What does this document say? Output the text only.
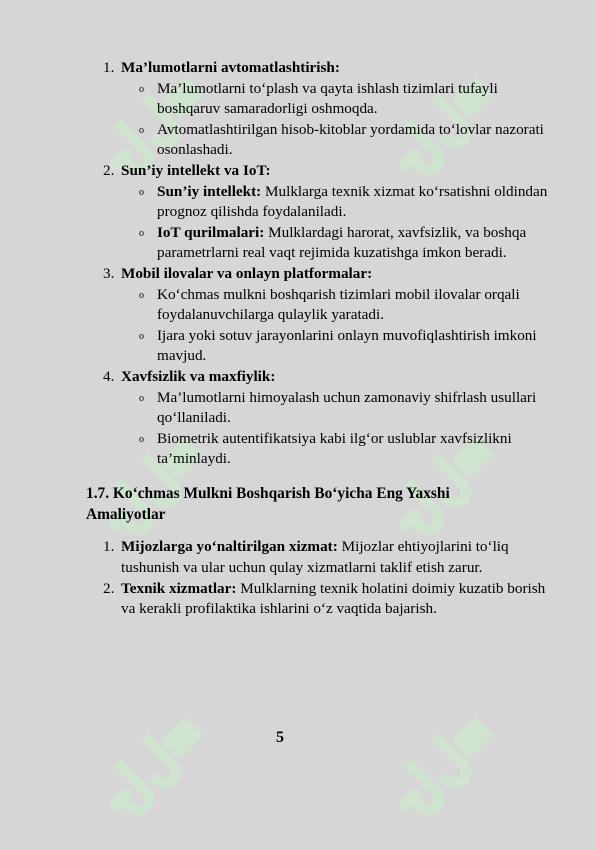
1. Ma’lumotlarni avtomatlashtirish:
o Ma’lumotlarni to‘plash va qayta ishlash tizimlari tufayli boshqaruv samaradorligi oshmoqda.
o Avtomatlashtirilgan hisob-kitoblar yordamida to‘lovlar nazorati osonlashadi.
2. Sun’iy intellekt va IoT:
o Sun’iy intellekt: Mulklarga texnik xizmat ko‘rsatishni oldindan prognoz qilishda foydalaniladi.
o IoT qurilmalari: Mulklardagi harorat, xavfsizlik, va boshqa parametrlarni real vaqt rejimida kuzatishga imkon beradi.
3. Mobil ilovalar va onlayn platformalar:
o Ko‘chmas mulkni boshqarish tizimlari mobil ilovalar orqali foydalanuvchilarga qulaylik yaratadi.
o Ijara yoki sotuv jarayonlarini onlayn muvofiqlashtirish imkoni mavjud.
4. Xavfsizlik va maxfiylik:
o Ma’lumotlarni himoyalash uchun zamonaviy shifrlash usullari qo‘llaniladi.
o Biometrik autentifikatsiya kabi ilg‘or uslublar xavfsizlikni ta’minlaydi.
1.7. Ko‘chmas Mulkni Boshqarish Bo‘yicha Eng Yaxshi Amaliyotlar
1. Mijozlarga yo‘naltirilgan xizmat: Mijozlar ehtiyojlarini to‘liq tushunish va ular uchun qulay xizmatlarni taklif etish zarur.
2. Texnik xizmatlar: Mulklarning texnik holatini doimiy kuzatib borish va kerakli profilaktika ishlarini o‘z vaqtida bajarish.
5
